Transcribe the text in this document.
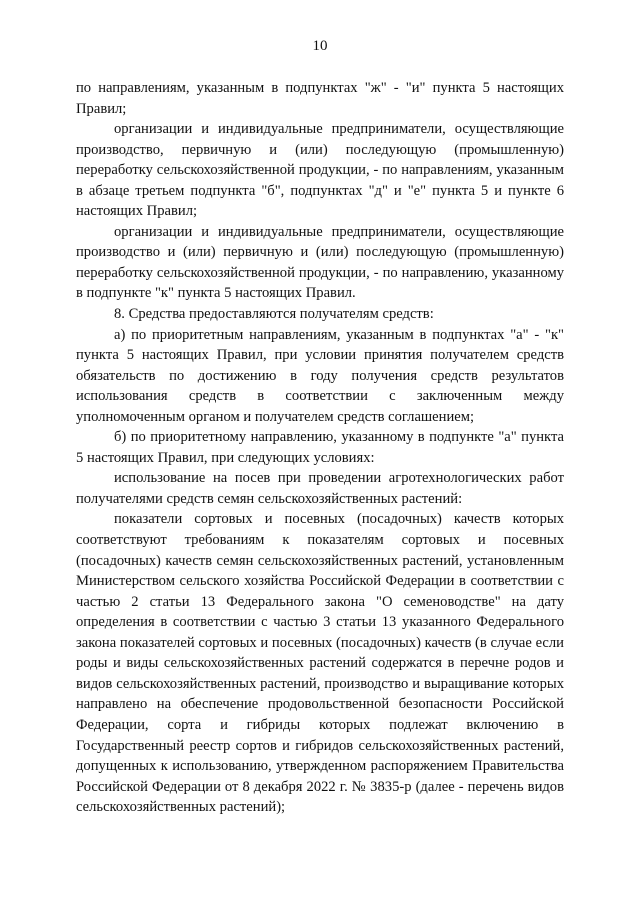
10

по направлениям, указанным в подпунктах "ж" - "и" пункта 5 настоящих Правил;

организации и индивидуальные предприниматели, осуществляющие производство, первичную и (или) последующую (промышленную) переработку сельскохозяйственной продукции, - по направлениям, указанным в абзаце третьем подпункта "б", подпунктах "д" и "е" пункта 5 и пункте 6 настоящих Правил;

организации и индивидуальные предприниматели, осуществляющие производство и (или) первичную и (или) последующую (промышленную) переработку сельскохозяйственной продукции, - по направлению, указанному в подпункте "к" пункта 5 настоящих Правил.

8. Средства предоставляются получателям средств:

а) по приоритетным направлениям, указанным в подпунктах "а" - "к" пункта 5 настоящих Правил, при условии принятия получателем средств обязательств по достижению в году получения средств результатов использования средств в соответствии с заключенным между уполномоченным органом и получателем средств соглашением;

б) по приоритетному направлению, указанному в подпункте "а" пункта 5 настоящих Правил, при следующих условиях:

использование на посев при проведении агротехнологических работ получателями средств семян сельскохозяйственных растений:

показатели сортовых и посевных (посадочных) качеств которых соответствуют требованиям к показателям сортовых и посевных (посадочных) качеств семян сельскохозяйственных растений, установленным Министерством сельского хозяйства Российской Федерации в соответствии с частью 2 статьи 13 Федерального закона "О семеноводстве" на дату определения в соответствии с частью 3 статьи 13 указанного Федерального закона показателей сортовых и посевных (посадочных) качеств (в случае если роды и виды сельскохозяйственных растений содержатся в перечне родов и видов сельскохозяйственных растений, производство и выращивание которых направлено на обеспечение продовольственной безопасности Российской Федерации, сорта и гибриды которых подлежат включению в Государственный реестр сортов и гибридов сельскохозяйственных растений, допущенных к использованию, утвержденном распоряжением Правительства Российской Федерации от 8 декабря 2022 г. № 3835-р (далее - перечень видов сельскохозяйственных растений);
